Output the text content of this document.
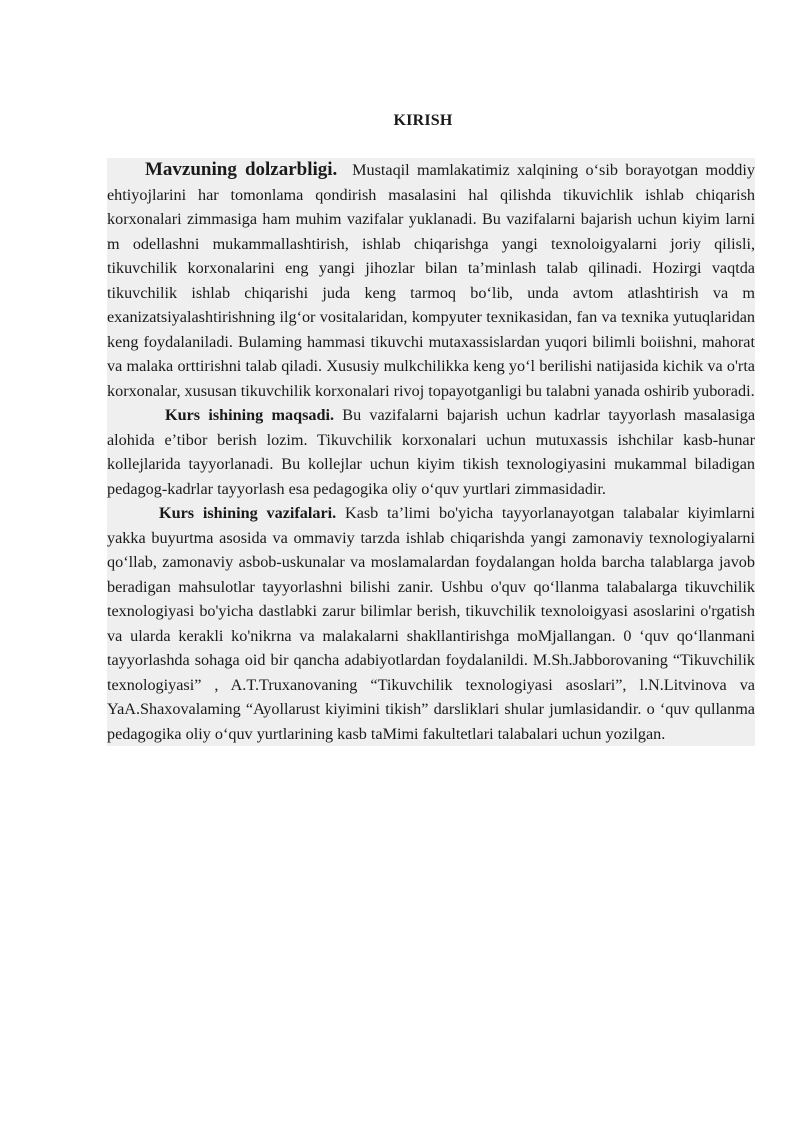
KIRISH

Mavzuning dolzarbligi. Mustaqil mamlakatimiz xalqining o‘sib borayotgan moddiy ehtiyojlarini har tomonlama qondirish masalasini hal qilishda tikuvichlik ishlab chiqarish korxonalari zimmasiga ham muhim vazifalar yuklanadi. Bu vazifalarni bajarish uchun kiyim larni m odellashni mukammallashtirish, ishlab chiqarishga yangi texnoloigyalarni joriy qilisli, tikuvchilik korxonalarini eng yangi jihozlar bilan ta’minlash talab qilinadi. Hozirgi vaqtda tikuvchilik ishlab chiqarishi juda keng tarmoq bo‘lib, unda avtom atlashtirish va m exanizatsiyalashtirishning ilg‘or vositalaridan, kompyuter texnikasidan, fan va texnika yutuqlaridan keng foydalaniladi. Bulaming hammasi tikuvchi mutaxassislardan yuqori bilimli boiishni, mahorat va malaka orttirishni talab qiladi. Xususiy mulkchilikka keng yo‘l berilishi natijasida kichik va o'rta korxonalar, xususan tikuvchilik korxonalari rivoj topayotganligi bu talabni yanada oshirib yuboradi.

Kurs ishining maqsadi. Bu vazifalarni bajarish uchun kadrlar tayyorlash masalasiga alohida e’tibor berish lozim. Tikuvchilik korxonalari uchun mutuxassis ishchilar kasb-hunar kollejlarida tayyorlanadi. Bu kollejlar uchun kiyim tikish texnologiyasini mukammal biladigan pedagog-kadrlar tayyorlash esa pedagogika oliy o‘quv yurtlari zimmasidadir.

Kurs ishining vazifalari. Kasb ta’limi bo'yicha tayyorlanayotgan talabalar kiyimlarni yakka buyurtma asosida va ommaviy tarzda ishlab chiqarishda yangi zamonaviy texnologiyalarni qo‘llab, zamonaviy asbob-uskunalar va moslamalardan foydalangan holda barcha talablarga javob beradigan mahsulotlar tayyorlashni bilishi zanir. Ushbu o'quv qo‘llanma talabalarga tikuvchilik texnologiyasi bo'yicha dastlabki zarur bilimlar berish, tikuvchilik texnoloigyasi asoslarini o'rgatish va ularda kerakli ko'nikrna va malakalarni shakllantirishga moMjallangan. 0 ‘quv qo‘llanmani tayyorlashda sohaga oid bir qancha adabiyotlardan foydalanildi. M.Sh.Jabborovaning “Tikuvchilik texnologiyasi” , A.T.Truxanovaning “Tikuvchilik texnologiyasi asoslari”, l.N.Litvinova va YaA.Shaxovalaming “Ayollarust kiyimini tikish” darsliklari shular jumlasidandir. o ‘quv qullanma pedagogika oliy o‘quv yurtlarining kasb taMimi fakultetlari talabalari uchun yozilgan.
